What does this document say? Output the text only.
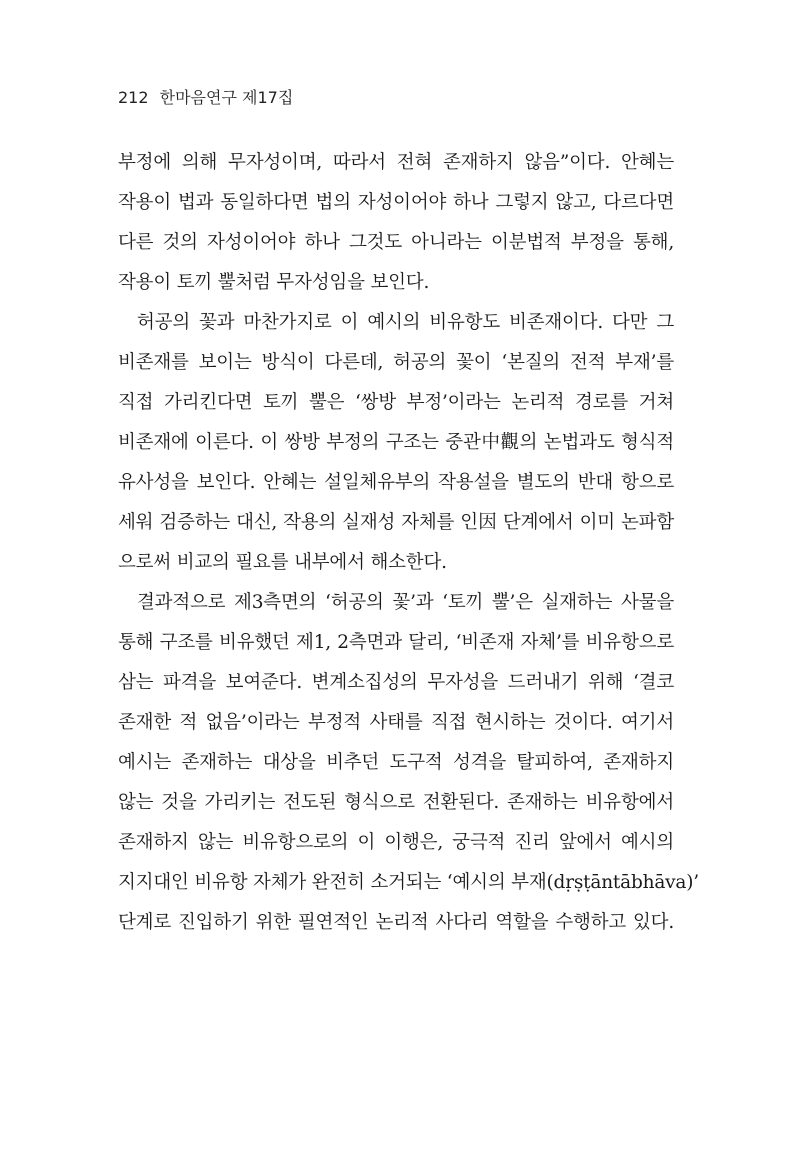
212 한마음연구 제17집
부정에 의해 무자성이며, 따라서 전혀 존재하지 않음”이다. 안혜는
작용이 법과 동일하다면 법의 자성이어야 하나 그렇지 않고, 다르다면
다른 것의 자성이어야 하나 그것도 아니라는 이분법적 부정을 통해,
작용이 토끼 뿔처럼 무자성임을 보인다.
허공의 꽃과 마찬가지로 이 예시의 비유항도 비존재이다. 다만 그
비존재를 보이는 방식이 다른데, 허공의 꽃이 ‘본질의 전적 부재’를
직접 가리킨다면 토끼 뿔은 ‘쌍방 부정’이라는 논리적 경로를 거쳐
비존재에 이른다. 이 쌍방 부정의 구조는 중관中觀의 논법과도 형식적
유사성을 보인다. 안혜는 설일체유부의 작용설을 별도의 반대 항으로
세워 검증하는 대신, 작용의 실재성 자체를 인因 단계에서 이미 논파함
으로써 비교의 필요를 내부에서 해소한다.
결과적으로 제3측면의 ‘허공의 꽃’과 ‘토끼 뿔’은 실재하는 사물을
통해 구조를 비유했던 제1, 2측면과 달리, ‘비존재 자체’를 비유항으로
삼는 파격을 보여준다. 변계소집성의 무자성을 드러내기 위해 ‘결코
존재한 적 없음’이라는 부정적 사태를 직접 현시하는 것이다. 여기서
예시는 존재하는 대상을 비추던 도구적 성격을 탈피하여, 존재하지
않는 것을 가리키는 전도된 형식으로 전환된다. 존재하는 비유항에서
존재하지 않는 비유항으로의 이 이행은, 궁극적 진리 앞에서 예시의
지지대인 비유항 자체가 완전히 소거되는 ‘예시의 부재(dṛṣṭāntābhāva)’
단계로 진입하기 위한 필연적인 논리적 사다리 역할을 수행하고 있다.
